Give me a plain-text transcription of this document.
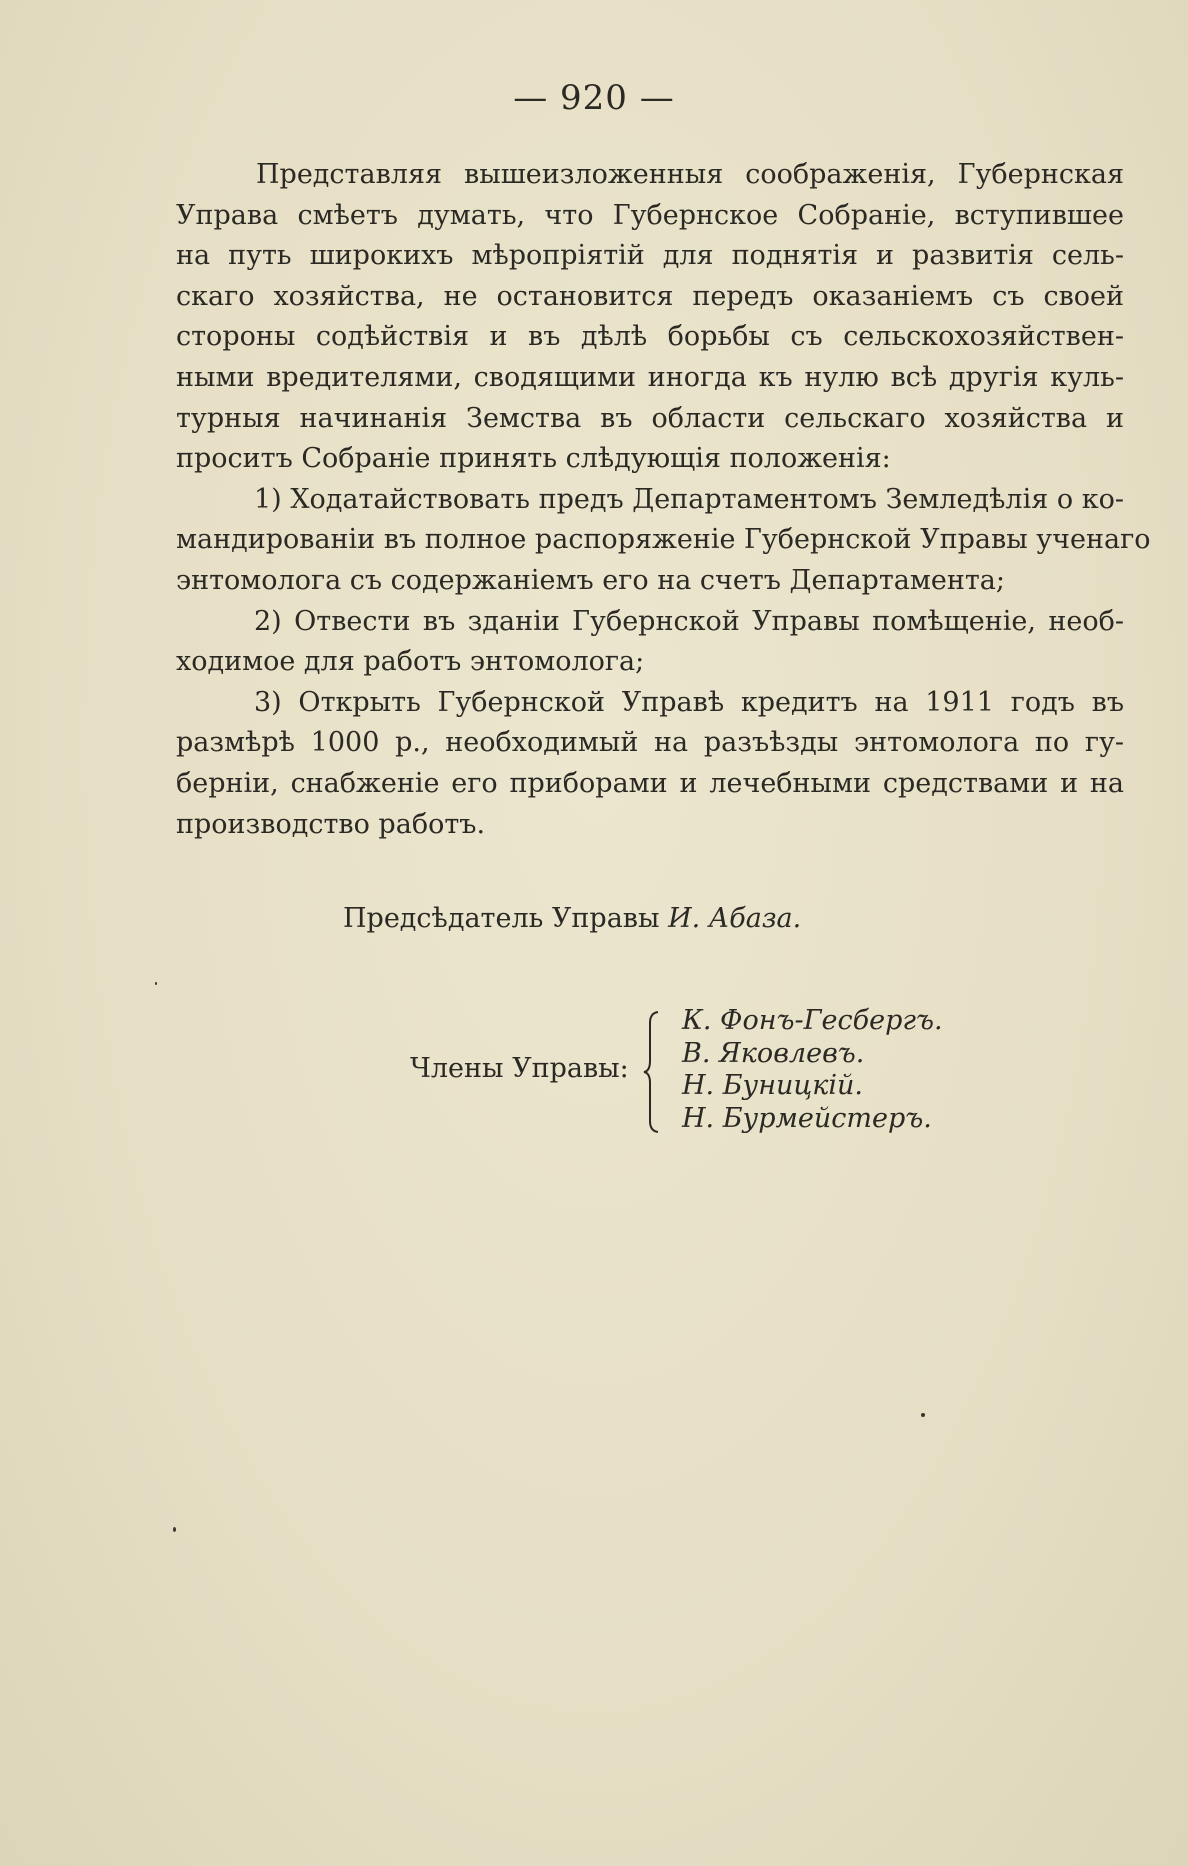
— 920 —
Представляя вышеизложенныя соображенія, Губернская
Управа смѣетъ думать, что Губернское Собраніе, вступившее
на путь широкихъ мѣропріятій для поднятія и развитія сель-
скаго хозяйства, не остановится передъ оказаніемъ съ своей
стороны содѣйствія и въ дѣлѣ борьбы съ сельскохозяйствен-
ными вредителями, сводящими иногда къ нулю всѣ другія куль-
турныя начинанія Земства въ области сельскаго хозяйства и
проситъ Собраніе принять слѣдующія положенія:
1) Ходатайствовать предъ Департаментомъ Земледѣлія о ко-
мандированіи въ полное распоряженіе Губернской Управы ученаго
энтомолога съ содержаніемъ его на счетъ Департамента;
2) Отвести въ зданіи Губернской Управы помѣщеніе, необ-
ходимое для работъ энтомолога;
3) Открыть Губернской Управѣ кредитъ на 1911 годъ въ
размѣрѣ 1000 р., необходимый на разъѣзды энтомолога по гу-
берніи, снабженіе его приборами и лечебными средствами и на
производство работъ.
Предсѣдатель Управы И. Абаза.
Члены Управы:
К. Фонъ-Гесбергъ.
В. Яковлевъ.
Н. Буницкій.
Н. Бурмейстеръ.
